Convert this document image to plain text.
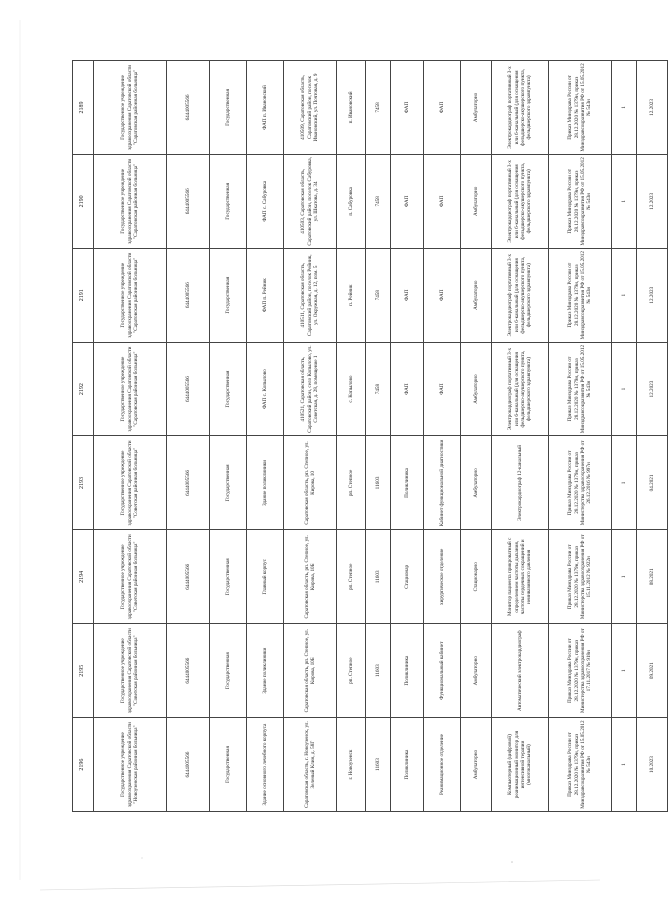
2196	2195	2194	2193	2192	2191	2190	2189
Государственное учреждение здравоохранения Саратовской области "Новоузенская районная больница"	Государственное учреждение здравоохранения Саратовской области "Советская районная больница"	Государственное учреждение здравоохранения Саратовской области "Советская районная больница"	Государственное учреждение здравоохранения Саратовской области "Советская районная больница"	Государственное учреждение здравоохранения Саратовской области "Саратовская районная больница"	Государственное учреждение здравоохранения Саратовской области "Саратовская районная больница"	Государственное учреждение здравоохранения Саратовской области "Саратовская районная больница"	Государственное учреждение здравоохранения Саратовской области "Саратовская районная больница"
6444005566	6444005566	6444005566	6444005566	6444005566	6444005566	6444005566	6444005566
Государственная	Государственная	Государственная	Государственная	Государственная	Государственная	Государственная	Государственная
Здание основного лечебного корпуса	Здание поликлиники	Главный корпус	Здание поликлиники	ФАП с. Копылово	ФАП п. Рейник	ФАП с. Сабуровка	ФАП п. Ивановский
Саратовская область, г. Новоузенск, ул. Зеленый Клин, д. 58Г	Саратовская область, рп. Степное, ул. Кирова, 10Б	Саратовская область, рп. Степное, ул. Кирова, 10Б	Саратовская область, рп. Степное, ул. Кирова, 10	410521, Саратовская область, Саратовский район, село Копылово, ул. Советская, д. 28, помещение 1	410511, Саратовская область, Саратовский район, поселок Рейник, ул. Окружная, д. 12, пом. 5	410503, Саратовская область, Саратовский район, поселок Сабуровка, ул. Шкатова, д. 34	410509, Саратовская область, Саратовский район, поселок Ивановский, ул. Почтовая, д. 9
г. Новоузенск	рп. Степное	рп. Степное	рп. Степное	с. Копылово	п. Рейник	п. Сабуровка	п. Ивановский
11603	11603	11603	11603	7458	7458	7458	7458
Поликлиника	Поликлиника	Стационар	Поликлиника	ФАП	ФАП	ФАП	ФАП
Реанимационное отделение	Функциональный кабинет	хирургическое отделение	Кабинет функциональной диагностики	ФАП	ФАП	ФАП	ФАП
Амбулаторно	Амбулаторно	Стационарно	Амбулаторно	Амбулаторно	Амбулаторно	Амбулаторно	Амбулаторно
Компьютерный (цифровой) реанимационный монитор для интенсивной терапии (многоканальный)	Автоматический электрокардиограф	Монитор пациента прикроватный с определением частоты дыхания, частоты сердечных сокращений и неинвазивного давления	Электрокардиограф 12-канальный	Электрокардиограф портативный 3-х или 6-канальный (для оснащения фельдшерско-акушерского пункта, фельдшерского здравпункта)	Электрокардиограф портативный 3-х или 6-канальный (для оснащения фельдшерско-акушерского пункта, фельдшерского здравпункта)	Электрокардиограф портативный 3-х или 6-канальный (для оснащения фельдшерско-акушерского пункта, фельдшерского здравпункта)	Электрокардиограф портативный 3-х или 6-канальный (для оснащения фельдшерско-акушерского пункта, фельдшерского здравпункта)
Приказ Минздрава России от 28.12.2020 № 1379н, приказ Минздравсоцразвития РФ от 15.05.2012 № 543н	Приказ Минздрава России от 28.12.2020 № 1379н, приказ Министерства здравоохранения РФ от 17.11.2017 № 918н	Приказ Минздрава России от 28.12.2020 № 1379н, приказ Министерства здравоохранения РФ от 15.11.2012 № 922н	Приказ Минздрава России от 28.12.2020 № 1379н, приказ Министерства здравоохранения РФ от 26.12.2016 № 997н	Приказ Минздрава России от 28.12.2020 № 1379н, приказ Минздравсоцразвития РФ от 15.05.2012 № 543н	Приказ Минздрава России от 28.12.2020 № 1379н, приказ Минздравсоцразвития РФ от 15.05.2012 № 543н	Приказ Минздрава России от 28.12.2020 № 1379н, приказ Минздравсоцразвития РФ от 15.05.2012 № 543н	Приказ Минздрава России от 28.12.2020 № 1379н, приказ Минздравсоцразвития РФ от 15.05.2012 № 543н
1	1	1	1	1	1	1	1
10.2023	09.2021	08.2021	04.2021	12.2023	12.2023	12.2023	12.2023
